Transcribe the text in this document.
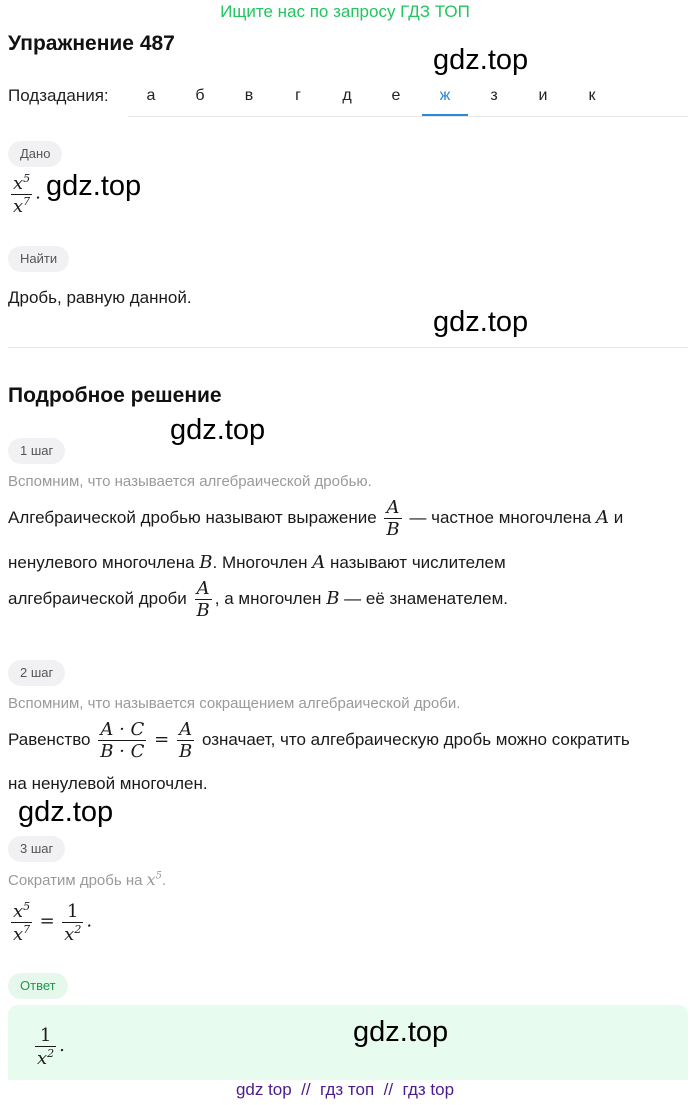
Ищите нас по запросу ГДЗ ТОП
Упражнение 487
gdz.top
Подзадания:	а	б	в	г	д	е	ж	з	и	к
Дано
$\frac{x^5}{x^7}$ . gdz.top
Найти
Дробь, равную данной.
gdz.top
Подробное решение
gdz.top
1 шаг
Вспомним, что называется алгебраической дробью.
Алгебраической дробью называют выражение $\frac{A}{B}$ — частное многочлена A и
ненулевого многочлена B. Многочлен A называют числителем
алгебраической дроби $\frac{A}{B}$ , а многочлен B — её знаменателем.
2 шаг
Вспомним, что называется сокращением алгебраической дроби.
Равенство $\frac{A \cdot C}{B \cdot C} = \frac{A}{B}$ означает, что алгебраическую дробь можно сократить
на ненулевой многочлен.
gdz.top
3 шаг
Сократим дробь на $x^5$.
$\frac{x^5}{x^7} = \frac{1}{x^2}$ .
Ответ
$\frac{1}{x^2}$ .	gdz.top
gdz top  //  гдз топ  //  гдз top
